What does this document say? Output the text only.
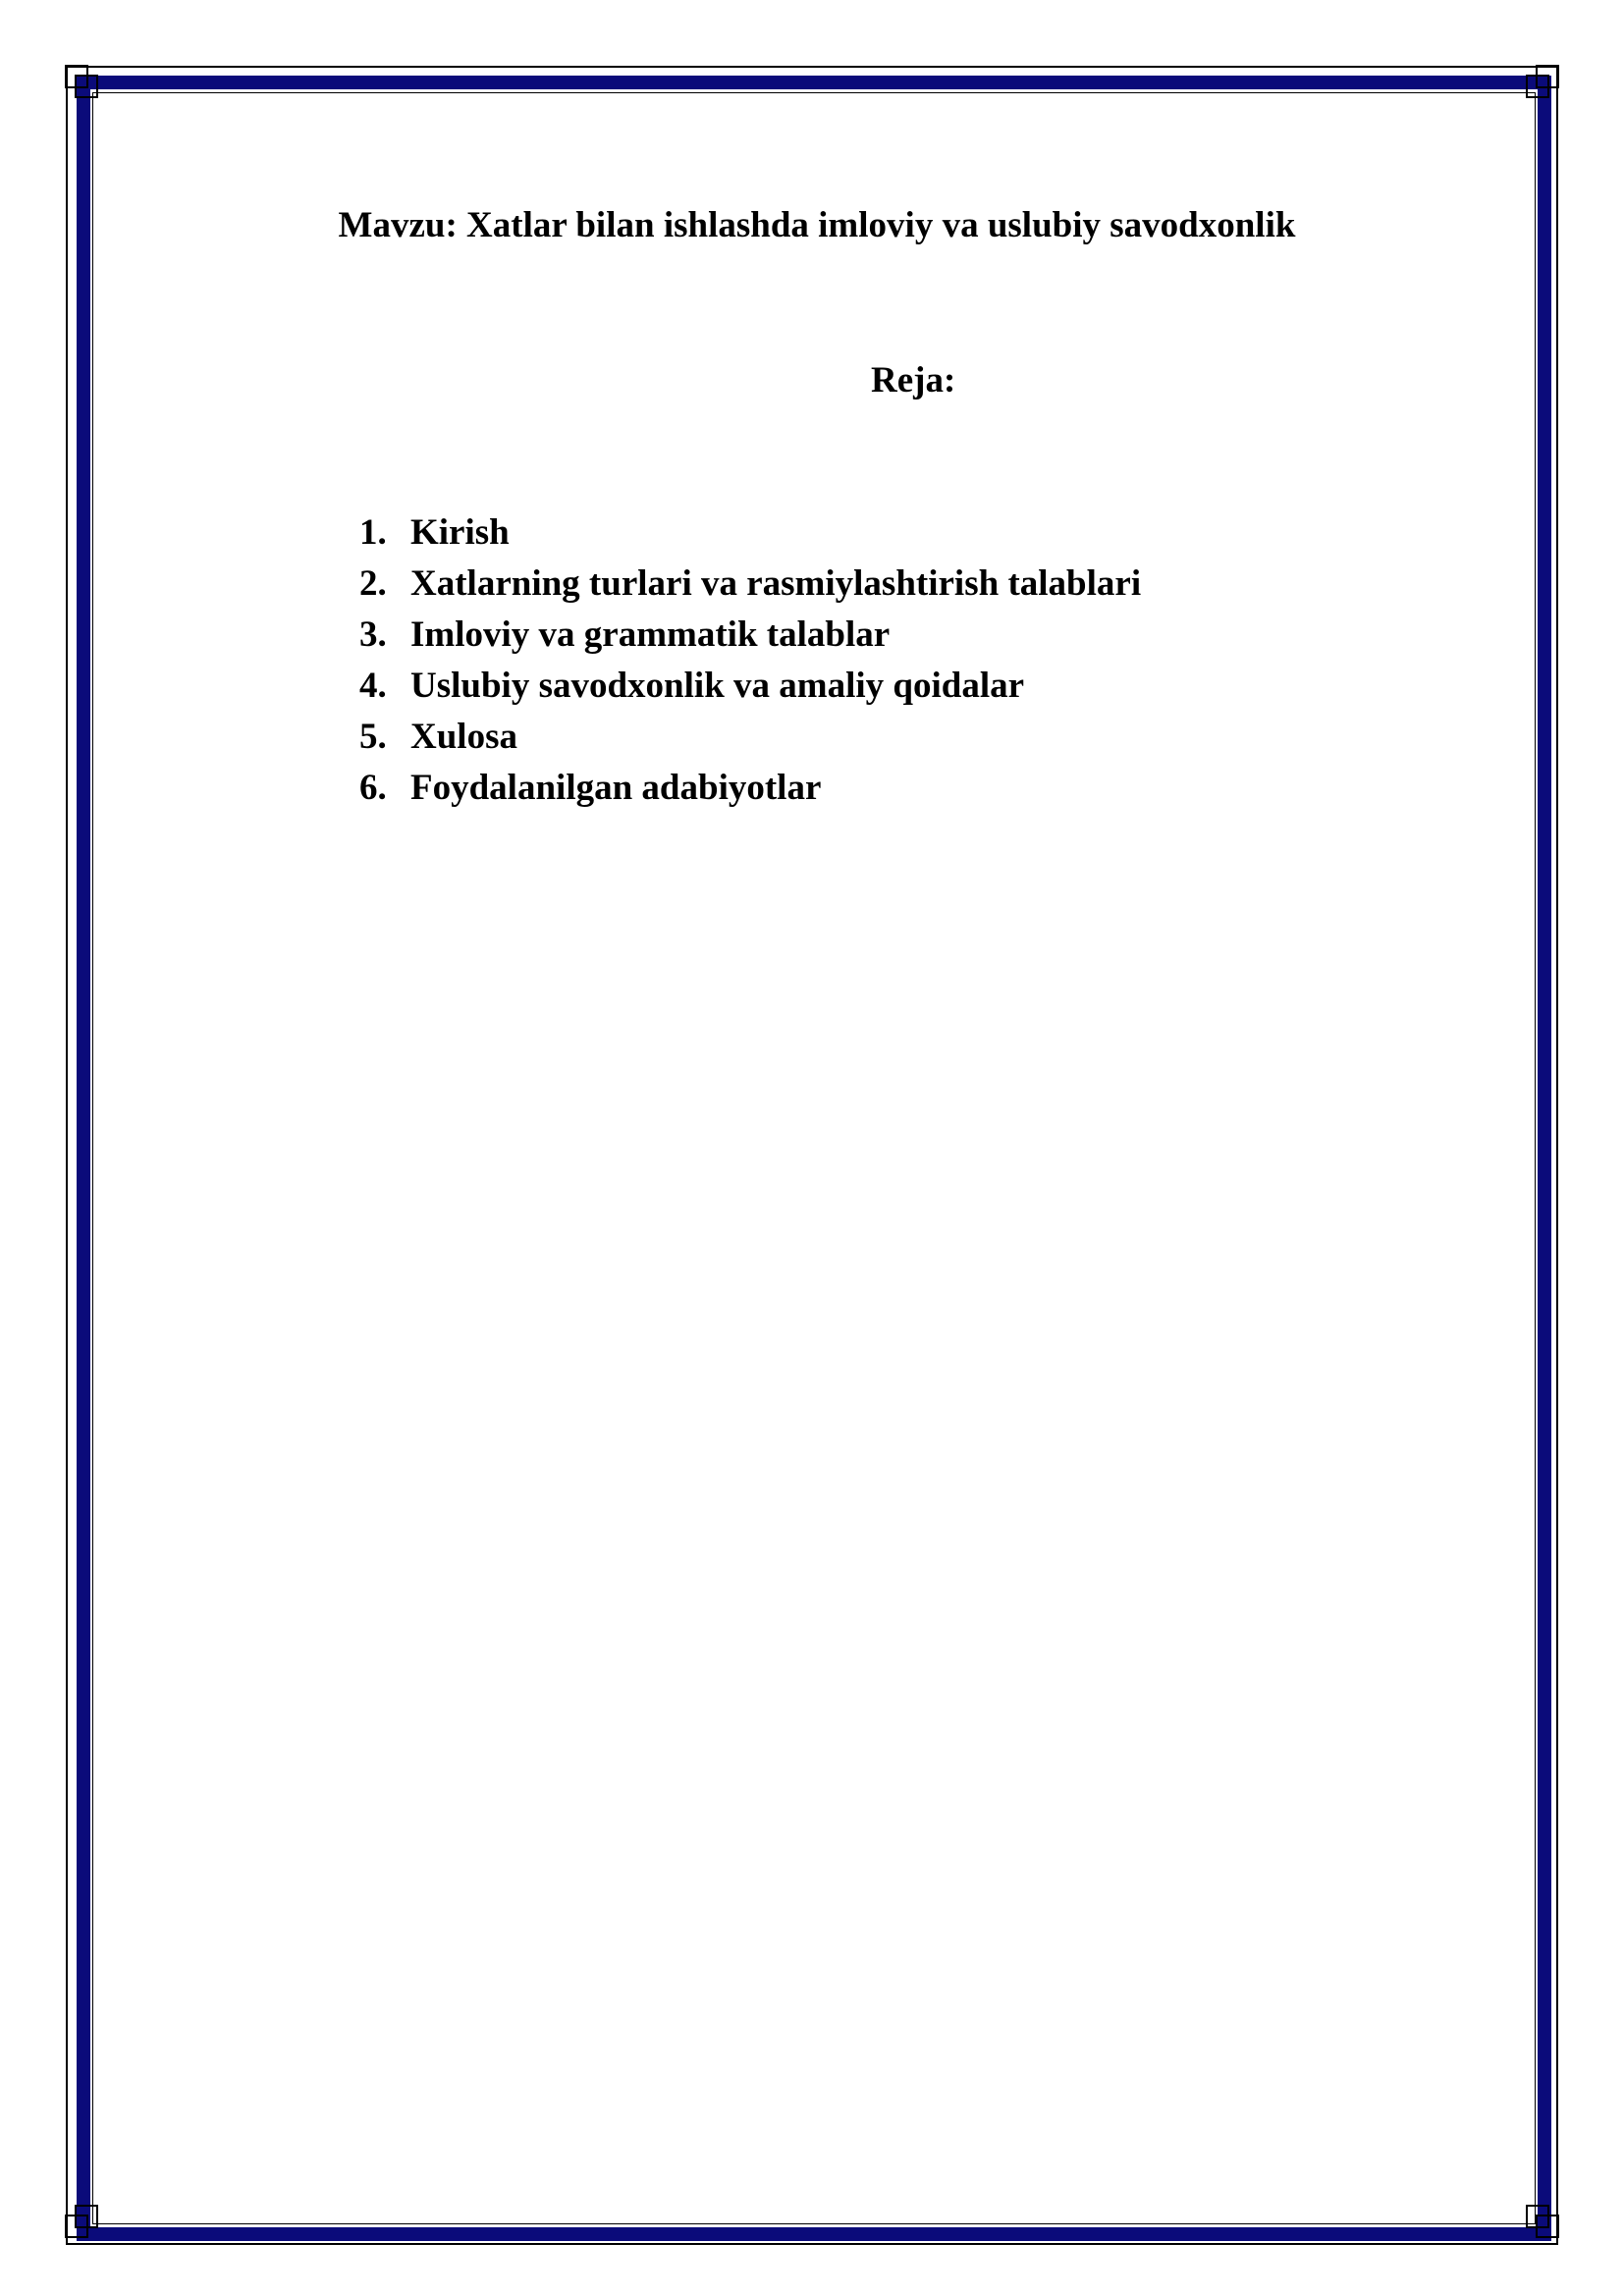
Mavzu: Xatlar bilan ishlashda imloviy va uslubiy savodxonlik
Reja:
1. Kirish
2. Xatlarning turlari va rasmiylashtirish talablari
3. Imloviy va grammatik talablar
4. Uslubiy savodxonlik va amaliy qoidalar
5. Xulosa
6. Foydalanilgan adabiyotlar
